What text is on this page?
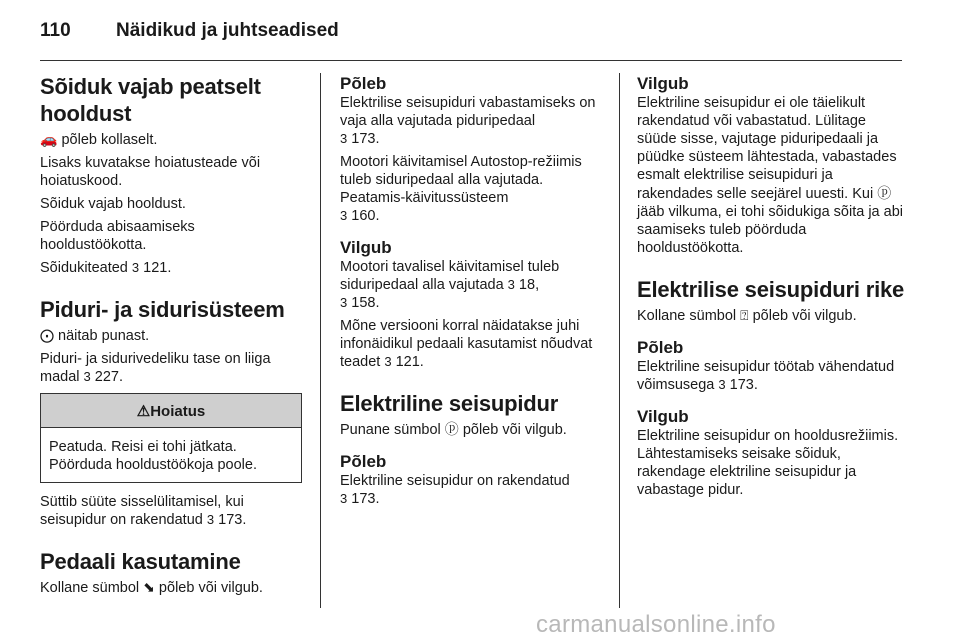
110 Näidikud ja juhtseadised
Sõiduk vajab peatselt hooldust

🚗 põleb kollaselt.

Lisaks kuvatakse hoiatusteade või hoiatuskood.

Sõiduk vajab hooldust.

Pöörduda abisaamiseks hooldustöökotta.

Sõidukiteated 3 121.

Piduri- ja sidurisüsteem

⨀ näitab punast.

Piduri- ja sidurivedeliku tase on liiga madal 3 227.

⚠Hoiatus

Peatuda. Reisi ei tohi jätkata. Pöörduda hooldustöökoja poole.

Süttib süüte sisselülitamisel, kui seisupidur on rakendatud 3 173.

Pedaali kasutamine

Kollane sümbol ⬊ põleb või vilgub.

Põleb

Elektrilise seisupiduri vabastamiseks on vaja alla vajutada piduripedaal
3 173.

Mootori käivitamisel Autostop-režiimis tuleb siduripedaal alla vajutada. Peatamis-käivitussüsteem
3 160.

Vilgub

Mootori tavalisel käivitamisel tuleb siduripedaal alla vajutada 3 18,
3 158.

Mõne versiooni korral näidatakse juhi infonäidikul pedaali kasutamist nõudvat teadet 3 121.

Elektriline seisupidur

Punane sümbol ⓟ põleb või vilgub.

Põleb

Elektriline seisupidur on rakendatud
3 173.

Vilgub

Elektriline seisupidur ei ole täielikult rakendatud või vabastatud. Lülitage süüde sisse, vajutage piduripedaali ja püüdke süsteem lähtestada, vabastades esmalt elektrilise seisupiduri ja rakendades selle seejärel uuesti. Kui ⓟ jääb vilkuma, ei tohi sõidukiga sõita ja abi saamiseks tuleb pöörduda hooldustöökotta.

Elektrilise seisupiduri rike

Kollane sümbol ⍰ põleb või vilgub.

Põleb

Elektriline seisupidur töötab vähendatud võimsusega 3 173.

Vilgub

Elektriline seisupidur on hooldusrežiimis. Lähtestamiseks seisake sõiduk, rakendage elektriline seisupidur ja vabastage pidur.

carmanualsonline.info
